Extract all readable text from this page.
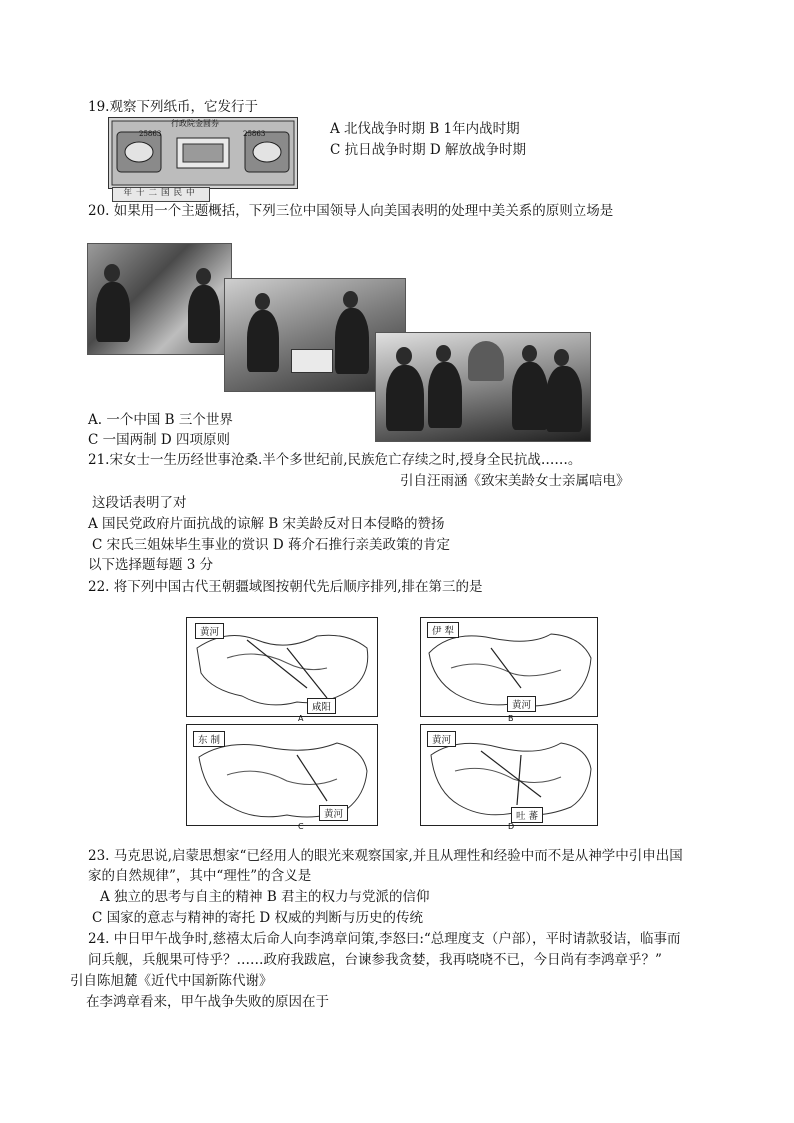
19.观察下列纸币，它发行于
行政院金圆券
25863	25863
年十二国民中
A 北伐战争时期 B 1年内战时期
C 抗日战争时期 D 解放战争时期
20. 如果用一个主题概括，下列三位中国领导人向美国表明的处理中美关系的原则立场是
A. 一个中国 B 三个世界
C 一国两制 D 四项原则
21.宋女士一生历经世事沧桑.半个多世纪前,民族危亡存续之时,授身全民抗战……。
引自汪雨涵《致宋美龄女士亲属唁电》
这段话表明了对
A 国民党政府片面抗战的谅解 B 宋美龄反对日本侵略的赞扬
C 宋氏三姐妹毕生事业的赏识 D 蒋介石推行亲美政策的肯定
以下选择题每题 3 分
22. 将下列中国古代王朝疆域图按朝代先后顺序排列,排在第三的是
黄河
咸阳
A
伊 犁
黄河
B
东 制
黄河
C
黄河
吐 蕃
D
23. 马克思说,启蒙思想家“已经用人的眼光来观察国家,并且从理性和经验中而不是从神学中引申出国
家的自然规律”，其中“理性”的含义是
A 独立的思考与自主的精神 B 君主的权力与党派的信仰
C 国家的意志与精神的寄托 D 权威的判断与历史的传统
24. 中日甲午战争时,慈禧太后命人向李鸿章问策,李怒曰:“总理度支（户部），平时请款驳诘，临事而
问兵舰，兵舰果可恃乎？……政府我跋扈，台谏参我贪婪，我再哓哓不已，今日尚有李鸿章乎？”
引自陈旭麓《近代中国新陈代谢》
在李鸿章看来，甲午战争失败的原因在于
